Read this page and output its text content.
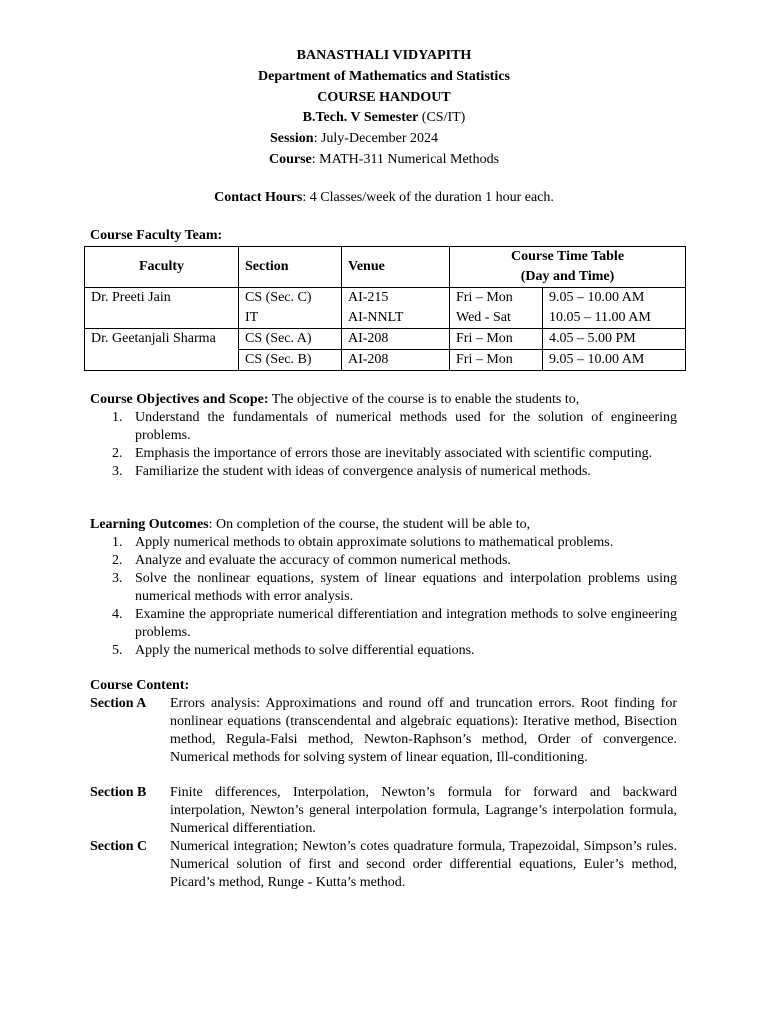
BANASTHALI VIDYAPITH
Department of Mathematics and Statistics
COURSE HANDOUT
B.Tech. V Semester (CS/IT)
Session: July-December 2024
Course: MATH-311 Numerical Methods
Contact Hours: 4 Classes/week of the duration 1 hour each.
Course Faculty Team:
Faculty	Section	Venue	Course Time Table
(Day and Time)	

Dr. Preeti Jain	CS (Sec. C)	AI-215	Fri – Mon	9.05 – 10.00 AM
	IT	AI-NNLT	Wed - Sat	10.05 – 11.00 AM
Dr. Geetanjali Sharma	CS (Sec. A)	AI-208	Fri – Mon	4.05 – 5.00 PM
	CS (Sec. B)	AI-208	Fri – Mon	9.05 – 10.00 AM
Course Objectives and Scope: The objective of the course is to enable the students to,
1. Understand the fundamentals of numerical methods used for the solution of engineering problems.
2. Emphasis the importance of errors those are inevitably associated with scientific computing.
3. Familiarize the student with ideas of convergence analysis of numerical methods.
Learning Outcomes: On completion of the course, the student will be able to,
1. Apply numerical methods to obtain approximate solutions to mathematical problems.
2. Analyze and evaluate the accuracy of common numerical methods.
3. Solve the nonlinear equations, system of linear equations and interpolation problems using numerical methods with error analysis.
4. Examine the appropriate numerical differentiation and integration methods to solve engineering problems.
5. Apply the numerical methods to solve differential equations.
Course Content:
Section A Errors analysis: Approximations and round off and truncation errors. Root finding for nonlinear equations (transcendental and algebraic equations): Iterative method, Bisection method, Regula-Falsi method, Newton-Raphson’s method, Order of convergence. Numerical methods for solving system of linear equation, Ill-conditioning.
Section B Finite differences, Interpolation, Newton’s formula for forward and backward interpolation, Newton’s general interpolation formula, Lagrange’s interpolation formula, Numerical differentiation.
Section C Numerical integration; Newton’s cotes quadrature formula, Trapezoidal, Simpson’s rules. Numerical solution of first and second order differential equations, Euler’s method, Picard’s method, Runge - Kutta’s method.
